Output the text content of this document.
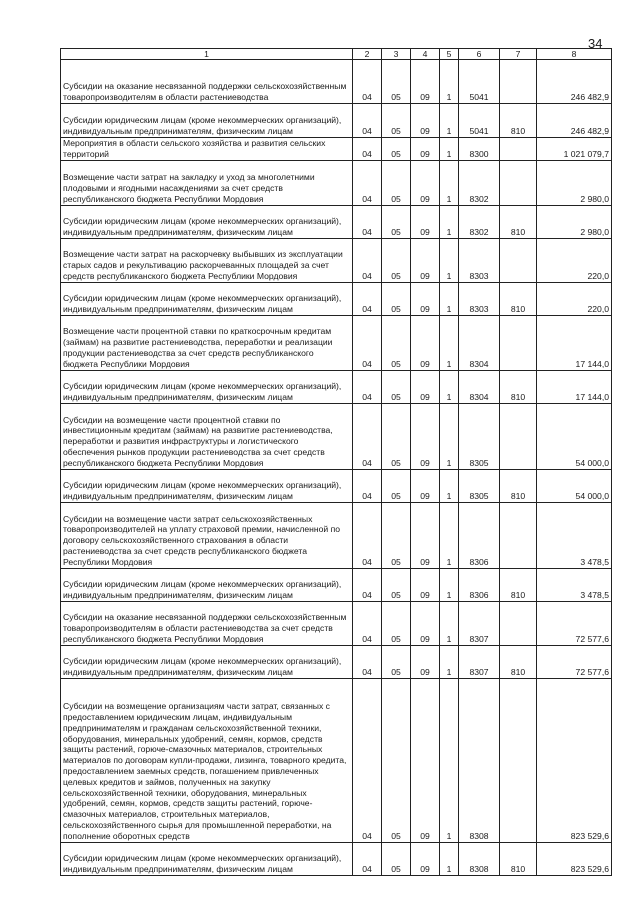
34
1	2	3	4	5	6	7	8
Субсидии на оказание несвязанной поддержки сельскохозяйственным товаропроизводителям в области растениеводства	04	05	09	1	5041		246 482,9
Субсидии юридическим лицам (кроме некоммерческих организаций), индивидуальным предпринимателям, физическим лицам	04	05	09	1	5041	810	246 482,9
Мероприятия в области сельского хозяйства и развития сельских территорий	04	05	09	1	8300		1 021 079,7
Возмещение части затрат на закладку и уход за многолетними плодовыми и ягодными насаждениями за счет средств республиканского бюджета Республики Мордовия	04	05	09	1	8302		2 980,0
Субсидии юридическим лицам (кроме некоммерческих организаций), индивидуальным предпринимателям, физическим лицам	04	05	09	1	8302	810	2 980,0
Возмещение части затрат на раскорчевку выбывших из эксплуатации старых садов и рекультивацию раскорчеванных площадей за счет средств республиканского бюджета Республики Мордовия	04	05	09	1	8303		220,0
Субсидии юридическим лицам (кроме некоммерческих организаций), индивидуальным предпринимателям, физическим лицам	04	05	09	1	8303	810	220,0
Возмещение части процентной ставки по краткосрочным кредитам (займам) на развитие растениеводства, переработки и реализации продукции растениеводства за счет средств республиканского бюджета Республики Мордовия	04	05	09	1	8304		17 144,0
Субсидии юридическим лицам (кроме некоммерческих организаций), индивидуальным предпринимателям, физическим лицам	04	05	09	1	8304	810	17 144,0
Субсидии на возмещение части процентной ставки по инвестиционным кредитам (займам) на развитие растениеводства, переработки и развития инфраструктуры и логистического обеспечения рынков продукции растениеводства за счет средств республиканского бюджета Республики Мордовия	04	05	09	1	8305		54 000,0
Субсидии юридическим лицам (кроме некоммерческих организаций), индивидуальным предпринимателям, физическим лицам	04	05	09	1	8305	810	54 000,0
Субсидии на возмещение части затрат сельскохозяйственных товаропроизводителей на уплату страховой премии, начисленной по договору сельскохозяйственного страхования в области растениеводства за счет средств республиканского бюджета Республики Мордовия	04	05	09	1	8306		3 478,5
Субсидии юридическим лицам (кроме некоммерческих организаций), индивидуальным предпринимателям, физическим лицам	04	05	09	1	8306	810	3 478,5
Субсидии на оказание несвязанной поддержки сельскохозяйственным товаропроизводителям в области растениеводства за счет средств республиканского бюджета Республики Мордовия	04	05	09	1	8307		72 577,6
Субсидии юридическим лицам (кроме некоммерческих организаций), индивидуальным предпринимателям, физическим лицам	04	05	09	1	8307	810	72 577,6
Субсидии на возмещение организациям части затрат, связанных с предоставлением юридическим лицам, индивидуальным предпринимателям и гражданам сельскохозяйственной техники, оборудования, минеральных удобрений, семян, кормов, средств защиты растений, горюче-смазочных материалов, строительных материалов по договорам купли-продажи, лизинга, товарного кредита, предоставлением заемных средств, погашением привлеченных целевых кредитов и займов, полученных на закупку сельскохозяйственной техники, оборудования, минеральных удобрений, семян, кормов, средств защиты растений, горюче-смазочных материалов, строительных материалов, сельскохозяйственного сырья для промышленной переработки, на пополнение оборотных средств	04	05	09	1	8308		823 529,6
Субсидии юридическим лицам (кроме некоммерческих организаций), индивидуальным предпринимателям, физическим лицам	04	05	09	1	8308	810	823 529,6
